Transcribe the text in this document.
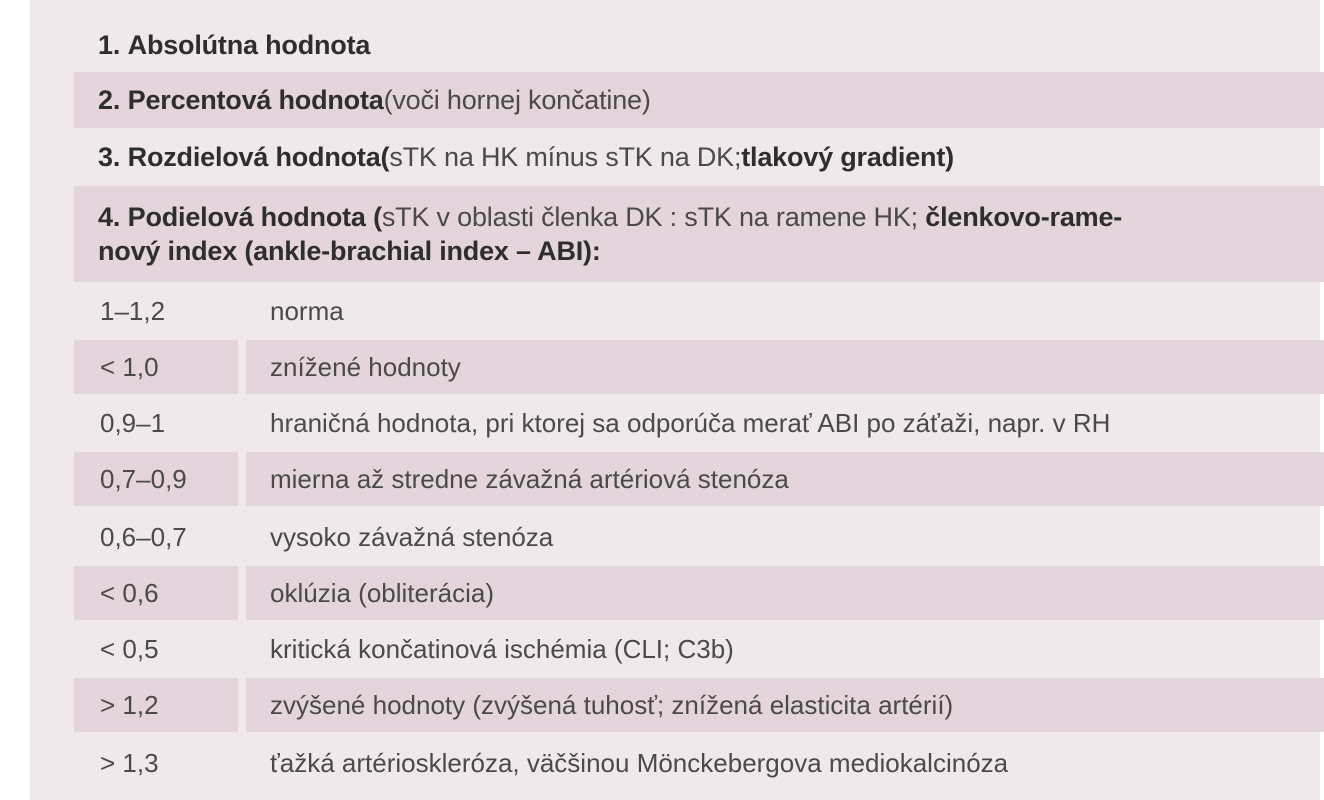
1.
Absolútna hodnota
2.
Percentová hodnota (voči hornej končatine)
3.
Rozdielová hodnota ( sTK na HK mínus sTK na DK; tlakový gradient)
4. Podielová hodnota (sTK v oblasti členka DK : sTK na ramene HK; členkovo-rame-
nový index (ankle-brachial index – ABI):
1–1,2	norma
< 1,0	znížené hodnoty
0,9–1	hraničná hodnota, pri ktorej sa odporúča merať ABI po záťaži, napr. v RH
0,7–0,9	mierna až stredne závažná artériová stenóza
0,6–0,7	vysoko závažná stenóza
< 0,6	oklúzia (obliterácia)
< 0,5	kritická končatinová ischémia (CLI; C3b)
> 1,2	zvýšené hodnoty (zvýšená tuhosť; znížená elasticita artérií)
> 1,3	ťažká artérioskleróza, väčšinou Mönckebergova mediokalcinóza
